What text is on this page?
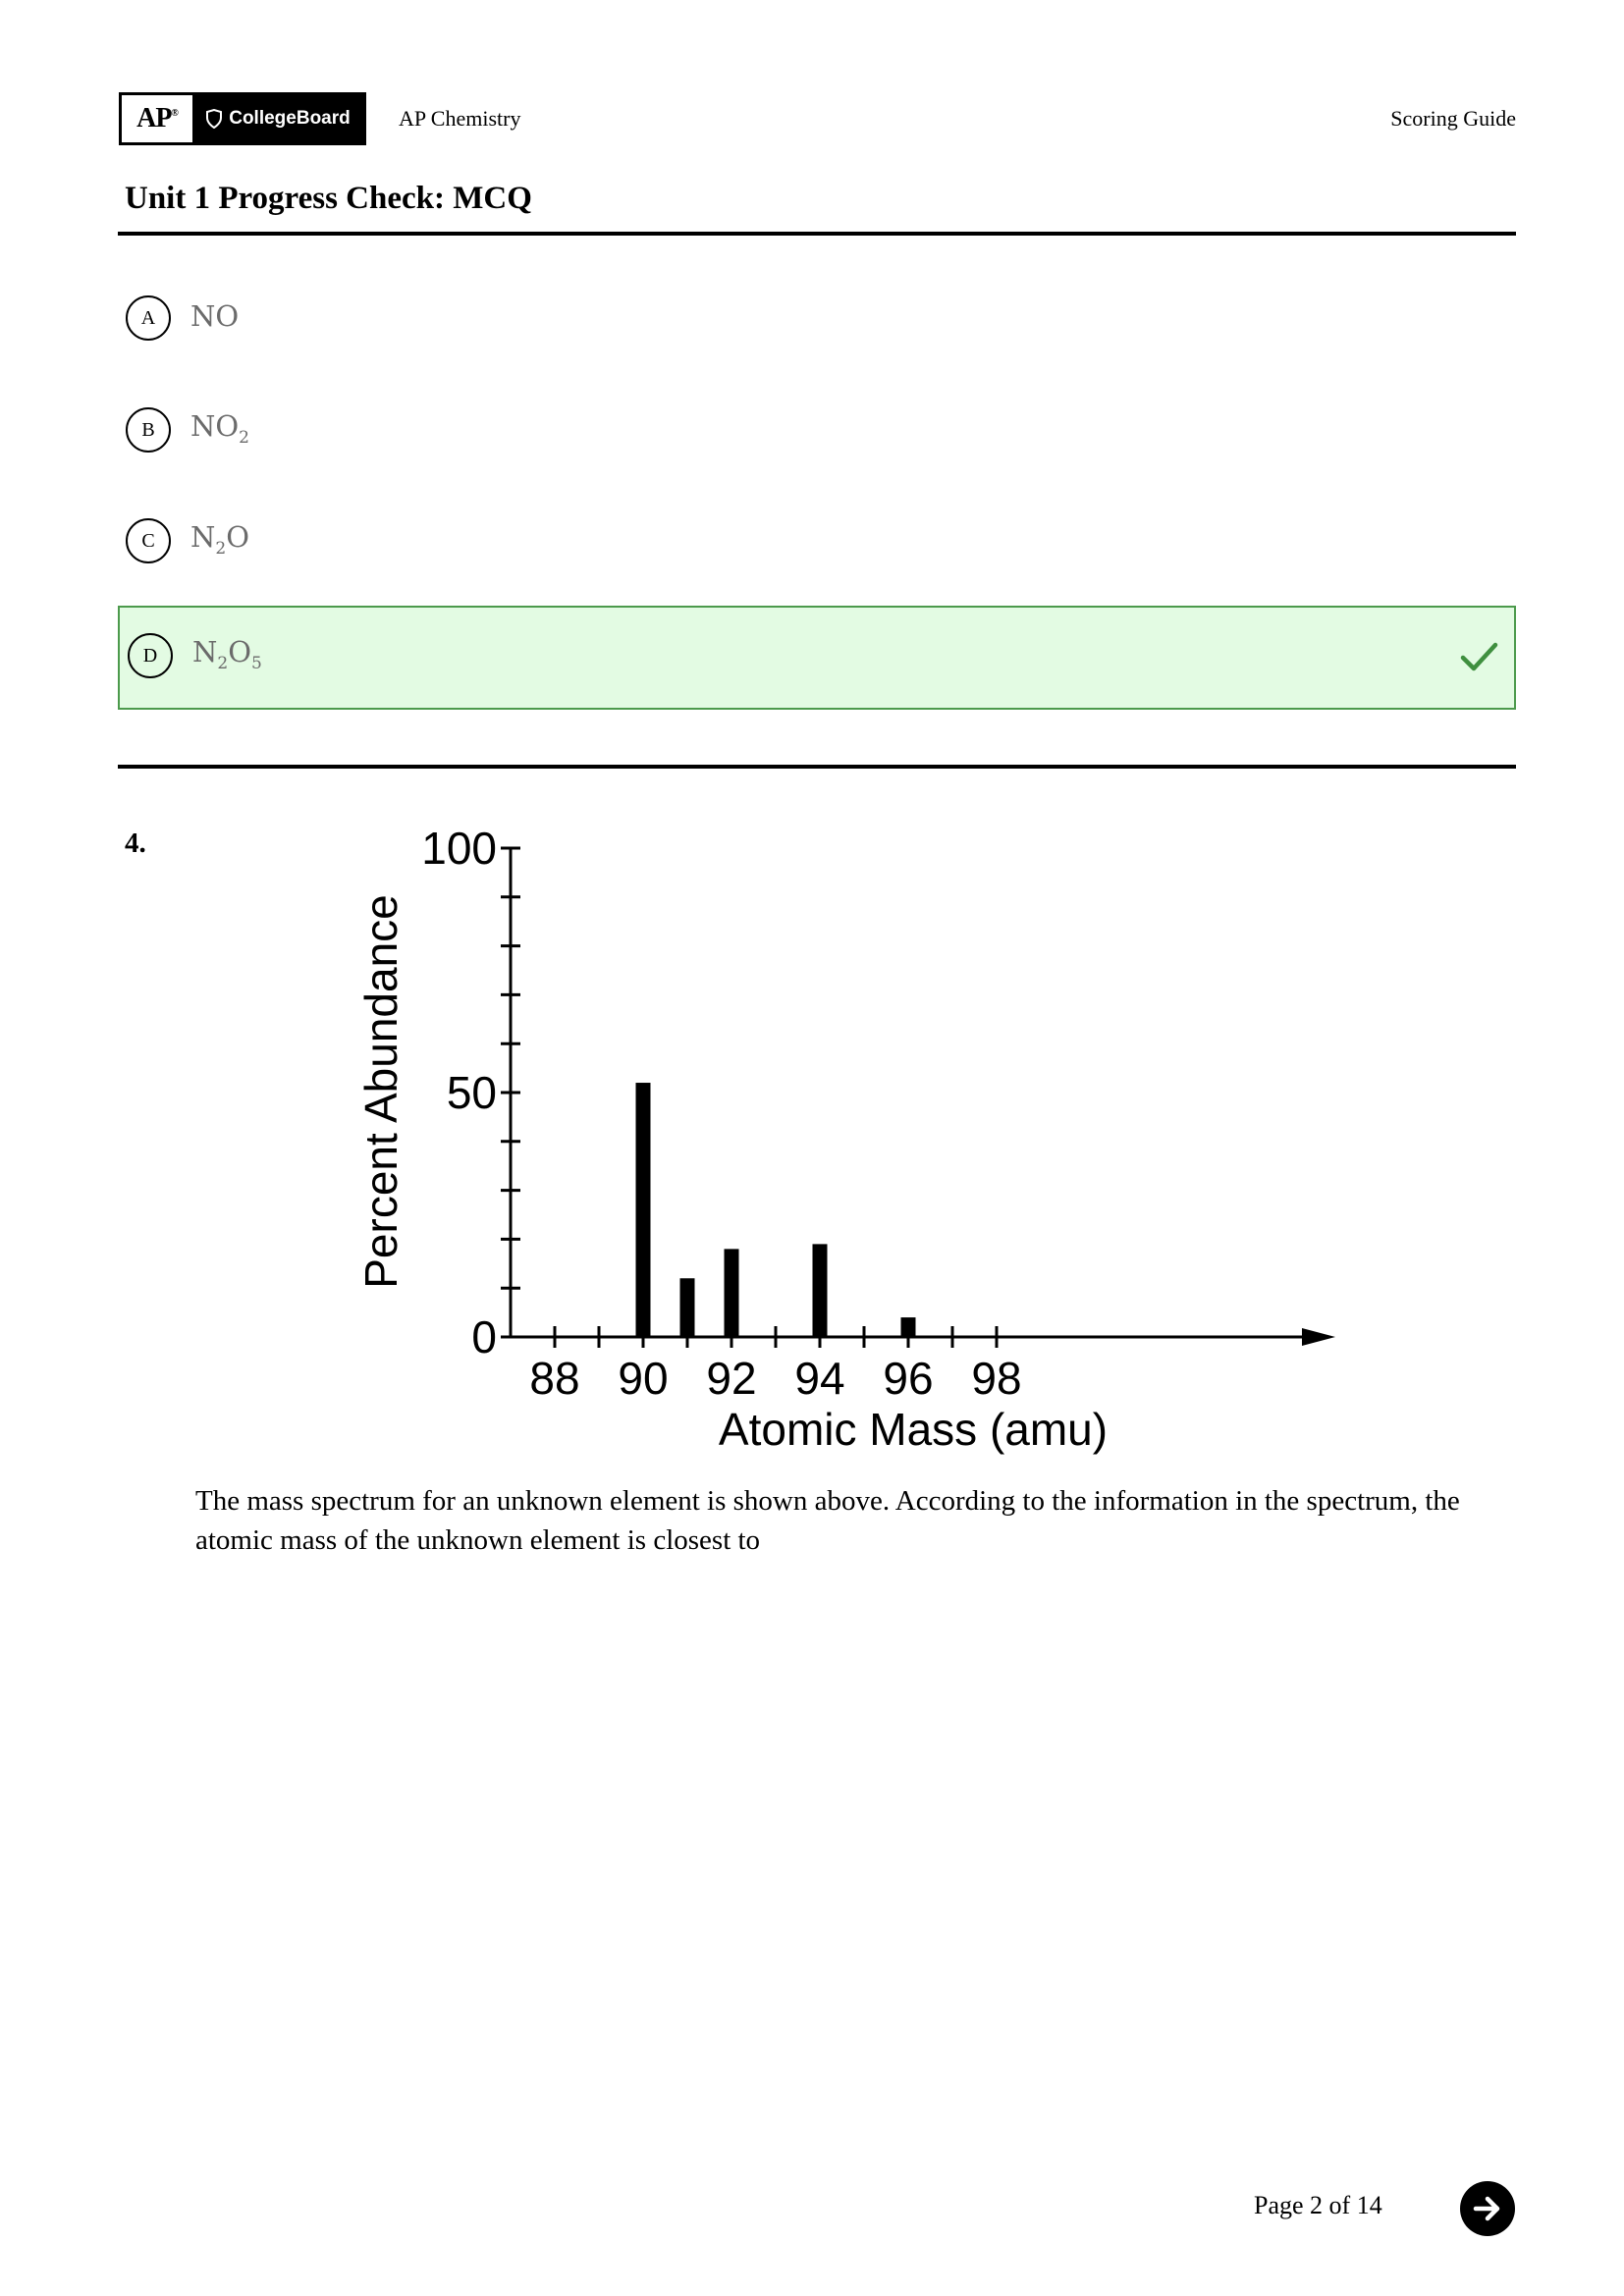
AP®	CollegeBoard AP Chemistry	Scoring Guide
Unit 1 Progress Check: MCQ
A	NO
B	$NO_2$
C	$N_2O$
D	$N_2O_5$
4.
0
50
100
88 90 92 94 96 98
Percent Abundance
Atomic Mass (amu)
The mass spectrum for an unknown element is shown above. According to the information in the spectrum, the atomic mass of the unknown element is closest to
Page 2 of 14
